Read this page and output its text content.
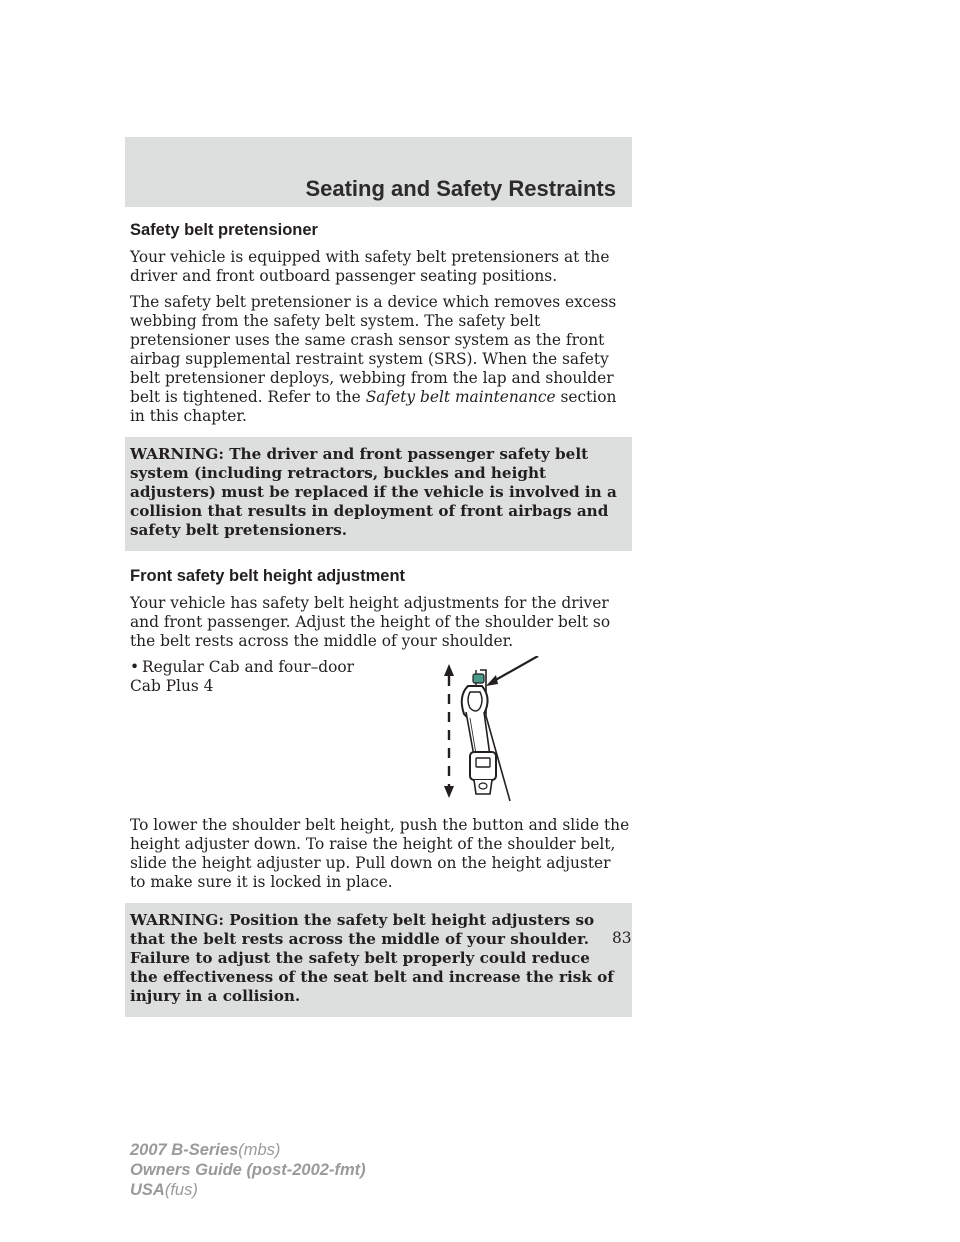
Seating and Safety Restraints
Safety belt pretensioner

Your vehicle is equipped with safety belt pretensioners at the driver and front outboard passenger seating positions.

The safety belt pretensioner is a device which removes excess webbing from the safety belt system. The safety belt pretensioner uses the same crash sensor system as the front airbag supplemental restraint system (SRS). When the safety belt pretensioner deploys, webbing from the lap and shoulder belt is tightened. Refer to the Safety belt maintenance section in this chapter.

WARNING: The driver and front passenger safety belt system (including retractors, buckles and height adjusters) must be replaced if the vehicle is involved in a collision that results in deployment of front airbags and safety belt pretensioners.
Front safety belt height adjustment

Your vehicle has safety belt height adjustments for the driver and front passenger. Adjust the height of the shoulder belt so the belt rests across the middle of your shoulder.

• Regular Cab and four–door Cab Plus 4

To lower the shoulder belt height, push the button and slide the height adjuster down. To raise the height of the shoulder belt, slide the height adjuster up. Pull down on the height adjuster to make sure it is locked in place.

WARNING: Position the safety belt height adjusters so that the belt rests across the middle of your shoulder. Failure to adjust the safety belt properly could reduce the effectiveness of the seat belt and increase the risk of injury in a collision.
83
2007 B-Series(mbs)
Owners Guide (post-2002-fmt)
USA(fus)
